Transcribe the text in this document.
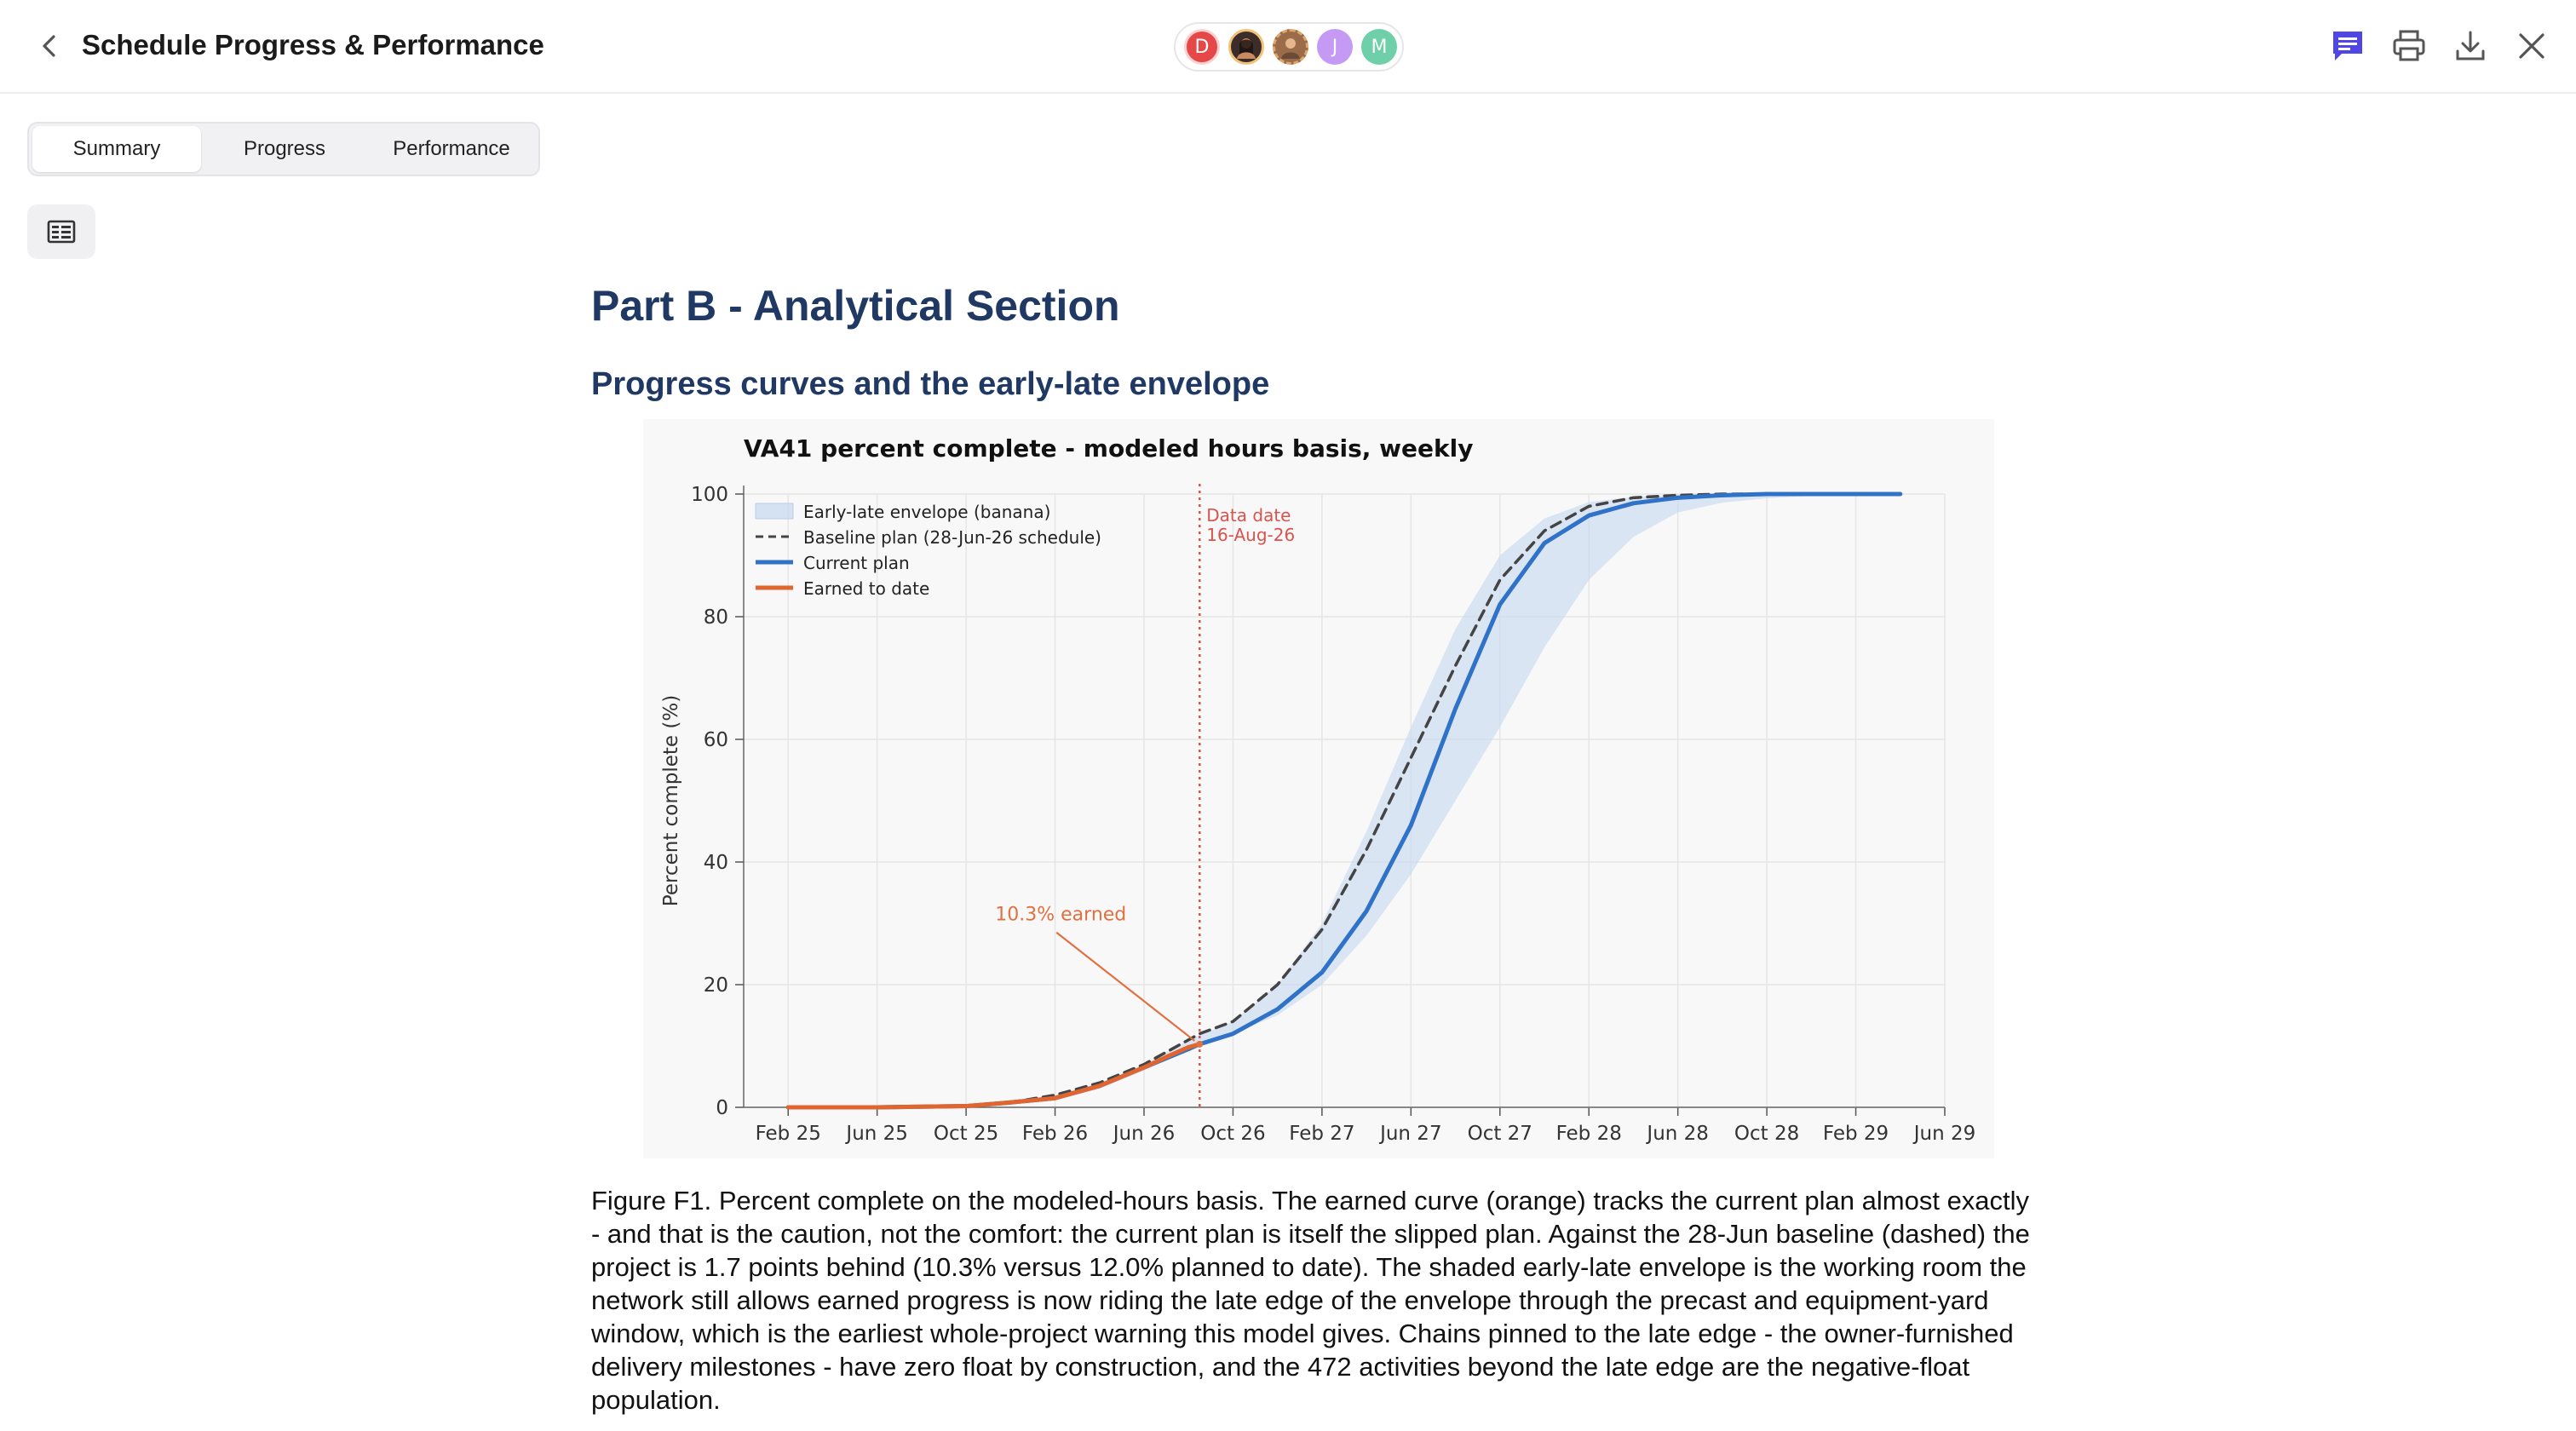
Schedule Progress & Performance	D	J	M
Summary	Progress	Performance
Part B - Analytical Section
Progress curves and the early-late envelope
VA41 percent complete - modeled hours basis, weekly
Feb 25 Jun 25 Oct 25 Feb 26 Jun 26 Oct 26 Feb 27 Jun 27 Oct 27 Feb 28 Jun 28 Oct 28 Feb 29 Jun 29
0
20
40
60
80
100
Percent complete (%)
Data date
16-Aug-26
10.3% earned
Early-late envelope (banana)
Baseline plan (28-Jun-26 schedule)
Current plan
Earned to date
Figure F1. Percent complete on the modeled-hours basis. The earned curve (orange) tracks the current plan almost exactly - and that is the caution, not the comfort: the current plan is itself the slipped plan. Against the 28-Jun baseline (dashed) the project is 1.7 points behind (10.3% versus 12.0% planned to date). The shaded early-late envelope is the working room the network still allows earned progress is now riding the late edge of the envelope through the precast and equipment-yard window, which is the earliest whole-project warning this model gives. Chains pinned to the late edge - the owner-furnished delivery milestones - have zero float by construction, and the 472 activities beyond the late edge are the negative-float population.
